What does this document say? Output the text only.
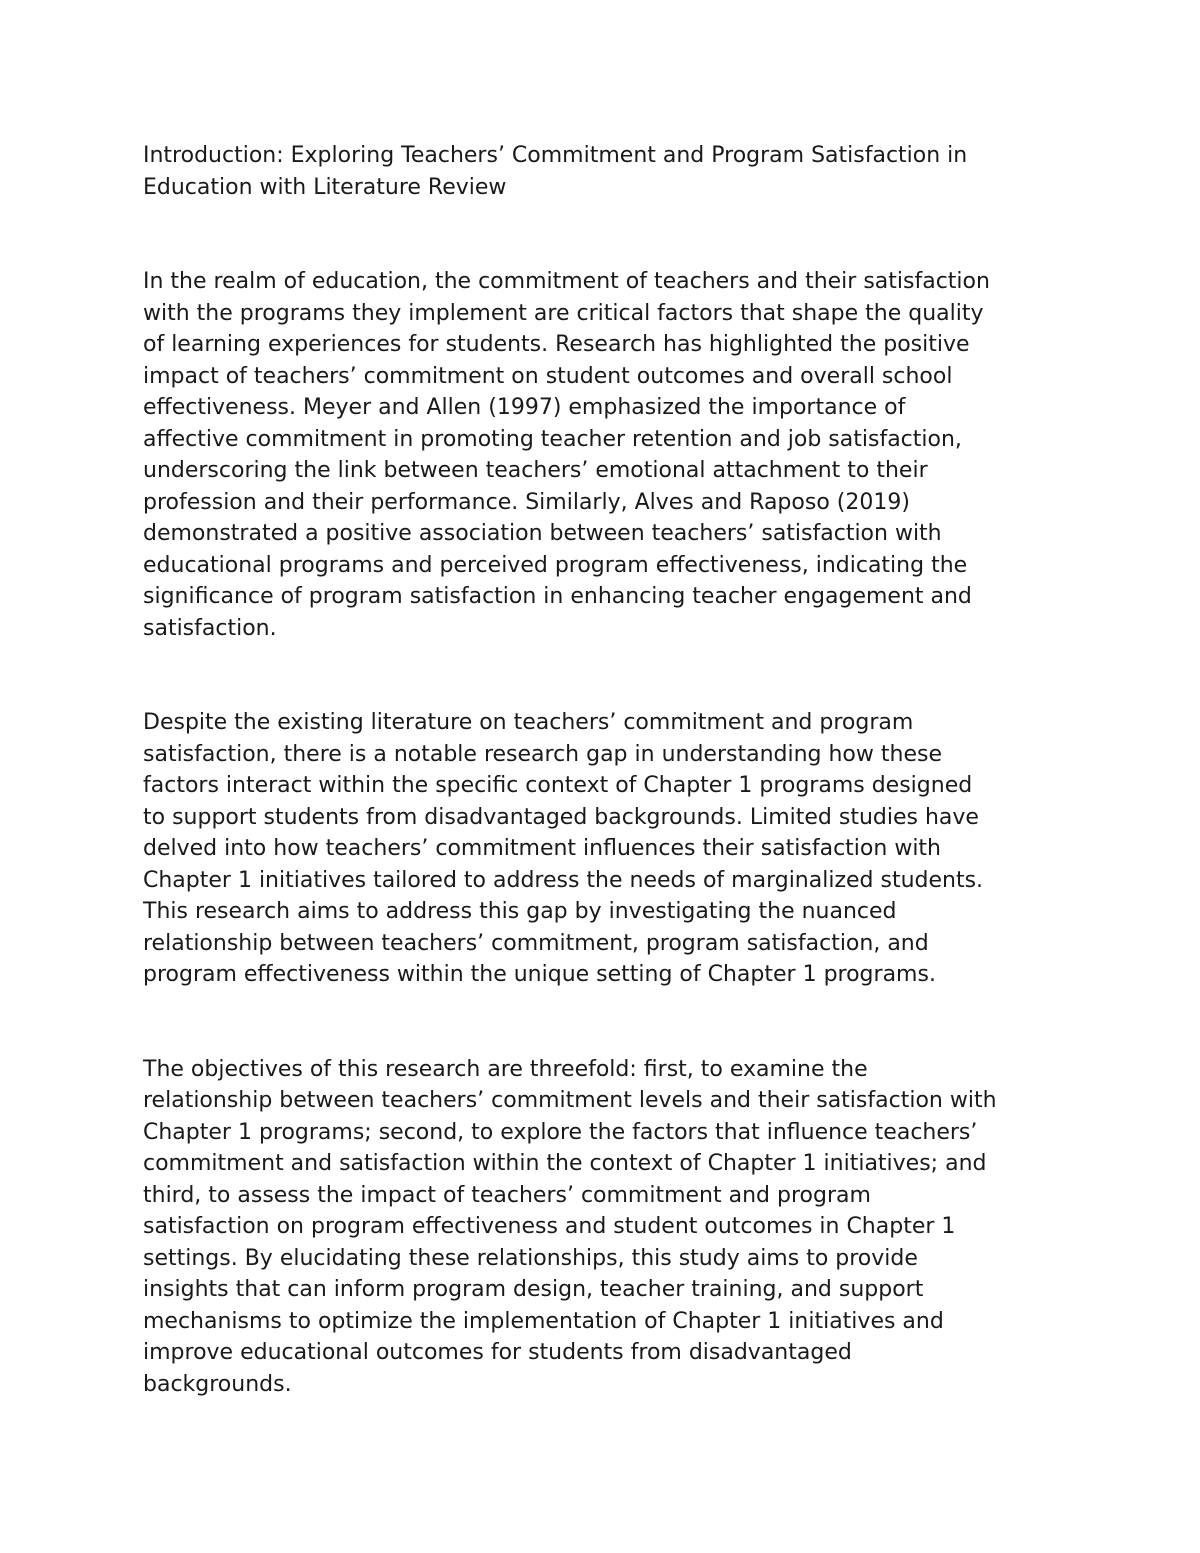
Introduction: Exploring Teachers’ Commitment and Program Satisfaction in
Education with Literature Review

In the realm of education, the commitment of teachers and their satisfaction
with the programs they implement are critical factors that shape the quality
of learning experiences for students. Research has highlighted the positive
impact of teachers’ commitment on student outcomes and overall school
effectiveness. Meyer and Allen (1997) emphasized the importance of
affective commitment in promoting teacher retention and job satisfaction,
underscoring the link between teachers’ emotional attachment to their
profession and their performance. Similarly, Alves and Raposo (2019)
demonstrated a positive association between teachers’ satisfaction with
educational programs and perceived program effectiveness, indicating the
significance of program satisfaction in enhancing teacher engagement and
satisfaction.

Despite the existing literature on teachers’ commitment and program
satisfaction, there is a notable research gap in understanding how these
factors interact within the specific context of Chapter 1 programs designed
to support students from disadvantaged backgrounds. Limited studies have
delved into how teachers’ commitment influences their satisfaction with
Chapter 1 initiatives tailored to address the needs of marginalized students.
This research aims to address this gap by investigating the nuanced
relationship between teachers’ commitment, program satisfaction, and
program effectiveness within the unique setting of Chapter 1 programs.

The objectives of this research are threefold: first, to examine the
relationship between teachers’ commitment levels and their satisfaction with
Chapter 1 programs; second, to explore the factors that influence teachers’
commitment and satisfaction within the context of Chapter 1 initiatives; and
third, to assess the impact of teachers’ commitment and program
satisfaction on program effectiveness and student outcomes in Chapter 1
settings. By elucidating these relationships, this study aims to provide
insights that can inform program design, teacher training, and support
mechanisms to optimize the implementation of Chapter 1 initiatives and
improve educational outcomes for students from disadvantaged
backgrounds.
